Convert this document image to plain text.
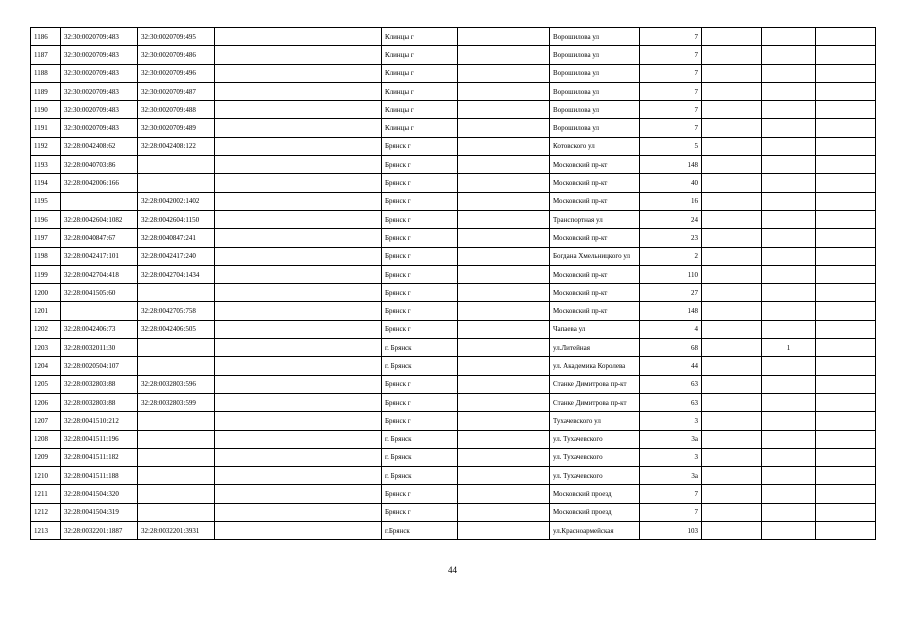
1186	32:30:0020709:483	32:30:0020709:495		Клинцы г		Ворошилова ул	7			
1187	32:30:0020709:483	32:30:0020709:486		Клинцы г		Ворошилова ул	7			
1188	32:30:0020709:483	32:30:0020709:496		Клинцы г		Ворошилова ул	7			
1189	32:30:0020709:483	32:30:0020709:487		Клинцы г		Ворошилова ул	7			
1190	32:30:0020709:483	32:30:0020709:488		Клинцы г		Ворошилова ул	7			
1191	32:30:0020709:483	32:30:0020709:489		Клинцы г		Ворошилова ул	7			
1192	32:28:0042408:62	32:28:0042408:122		Брянск г		Котовского ул	5			
1193	32:28:0040703:86			Брянск г		Московский пр-кт	148			
1194	32:28:0042006:166			Брянск г		Московский пр-кт	40			
1195		32:28:0042002:1402		Брянск г		Московский пр-кт	16			
1196	32:28:0042604:1082	32:28:0042604:1150		Брянск г		Транспортная ул	24			
1197	32:28:0040847:67	32:28:0040847:241		Брянск г		Московский пр-кт	23			
1198	32:28:0042417:101	32:28:0042417:240		Брянск г		Богдана Хмельницкого ул	2			
1199	32:28:0042704:418	32:28:0042704:1434		Брянск г		Московский пр-кт	110			
1200	32:28:0041505:60			Брянск г		Московский пр-кт	27			
1201		32:28:0042705:758		Брянск г		Московский пр-кт	148			
1202	32:28:0042406:73	32:28:0042406:505		Брянск г		Чапаева ул	4			
1203	32:28:0032011:30			г. Брянск		ул.Литейная	68		1	
1204	32:28:0020504:107			г. Брянск		ул. Академика Королева	44			
1205	32:28:0032803:88	32:28:0032803:596		Брянск г		Станке Димитрова пр-кт	63			
1206	32:28:0032803:88	32:28:0032803:599		Брянск г		Станке Димитрова пр-кт	63			
1207	32:28:0041510:212			Брянск г		Тухачевского ул	3			
1208	32:28:0041511:196			г. Брянск		ул. Тухачевского	3а			
1209	32:28:0041511:182			г. Брянск		ул. Тухачевского	3			
1210	32:28:0041511:188			г. Брянск		ул. Тухачевского	3а			
1211	32:28:0041504:320			Брянск г		Московский проезд	7			
1212	32:28:0041504:319			Брянск г		Московский проезд	7			
1213	32:28:0032201:1887	32:28:0032201:3931		г.Брянск		ул.Красноармейская	103			
44
